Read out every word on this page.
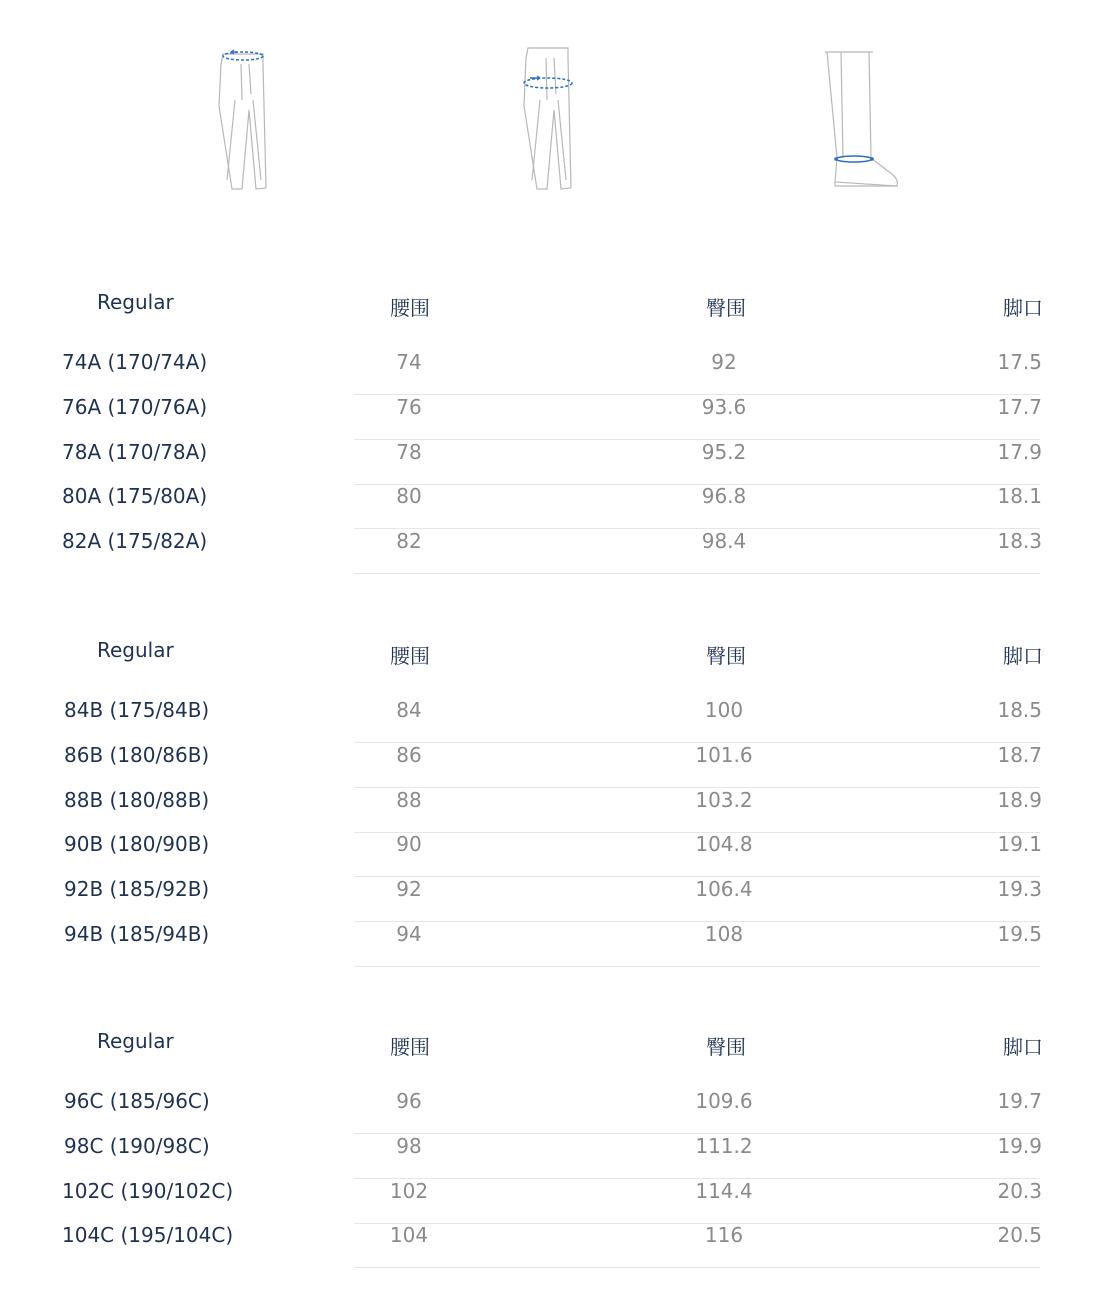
Regular	腰围	臀围	脚口
74A (170/74A)	74	92	17.5
76A (170/76A)	76	93.6	17.7
78A (170/78A)	78	95.2	17.9
80A (175/80A)	80	96.8	18.1
82A (175/82A)	82	98.4	18.3
Regular	腰围	臀围	脚口
84B (175/84B)	84	100	18.5
86B (180/86B)	86	101.6	18.7
88B (180/88B)	88	103.2	18.9
90B (180/90B)	90	104.8	19.1
92B (185/92B)	92	106.4	19.3
94B (185/94B)	94	108	19.5
Regular	腰围	臀围	脚口
96C (185/96C)	96	109.6	19.7
98C (190/98C)	98	111.2	19.9
102C (190/102C)	102	114.4	20.3
104C (195/104C)	104	116	20.5
